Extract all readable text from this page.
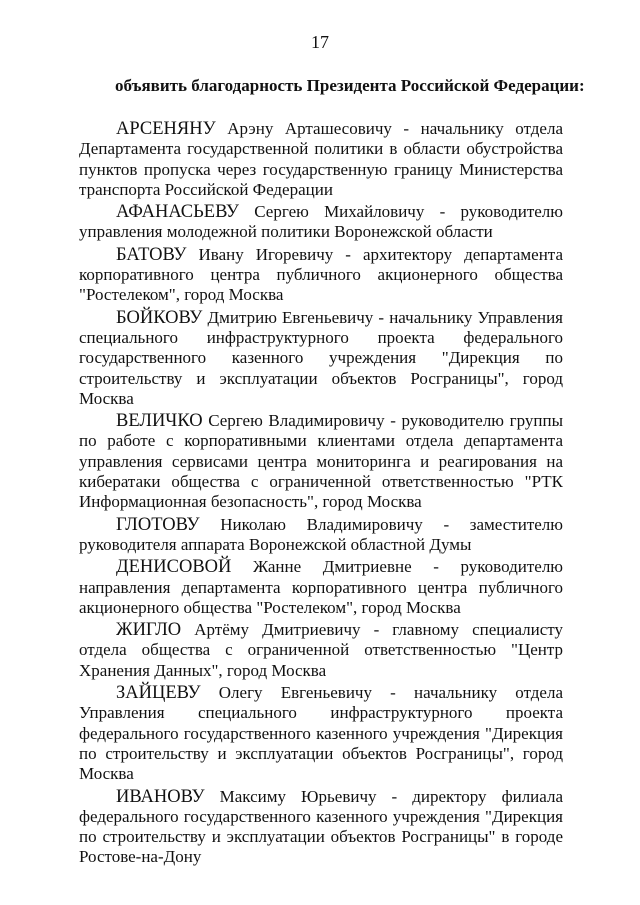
17
объявить благодарность Президента Российской Федерации:

АРСЕНЯНУ Арэну Арташесовичу - начальнику отдела Департамента государственной политики в области обустройства пунктов пропуска через государственную границу Министерства транспорта Российской Федерации

АФАНАСЬЕВУ Сергею Михайловичу - руководителю управления молодежной политики Воронежской области

БАТОВУ Ивану Игоревичу - архитектору департамента корпоративного центра публичного акционерного общества "Ростелеком", город Москва

БОЙКОВУ Дмитрию Евгеньевичу - начальнику Управления специального инфраструктурного проекта федерального государственного казенного учреждения "Дирекция по строительству и эксплуатации объектов Росграницы", город Москва

ВЕЛИЧКО Сергею Владимировичу - руководителю группы по работе с корпоративными клиентами отдела департамента управления сервисами центра мониторинга и реагирования на кибератаки общества с ограниченной ответственностью "РТК Информационная безопасность", город Москва

ГЛОТОВУ Николаю Владимировичу - заместителю руководителя аппарата Воронежской областной Думы

ДЕНИСОВОЙ Жанне Дмитриевне - руководителю направления департамента корпоративного центра публичного акционерного общества "Ростелеком", город Москва

ЖИГЛО Артёму Дмитриевичу - главному специалисту отдела общества с ограниченной ответственностью "Центр Хранения Данных", город Москва

ЗАЙЦЕВУ Олегу Евгеньевичу - начальнику отдела Управления специального инфраструктурного проекта федерального государственного казенного учреждения "Дирекция по строительству и эксплуатации объектов Росграницы", город Москва

ИВАНОВУ Максиму Юрьевичу - директору филиала федерального государственного казенного учреждения "Дирекция по строительству и эксплуатации объектов Росграницы" в городе Ростове-на-Дону
